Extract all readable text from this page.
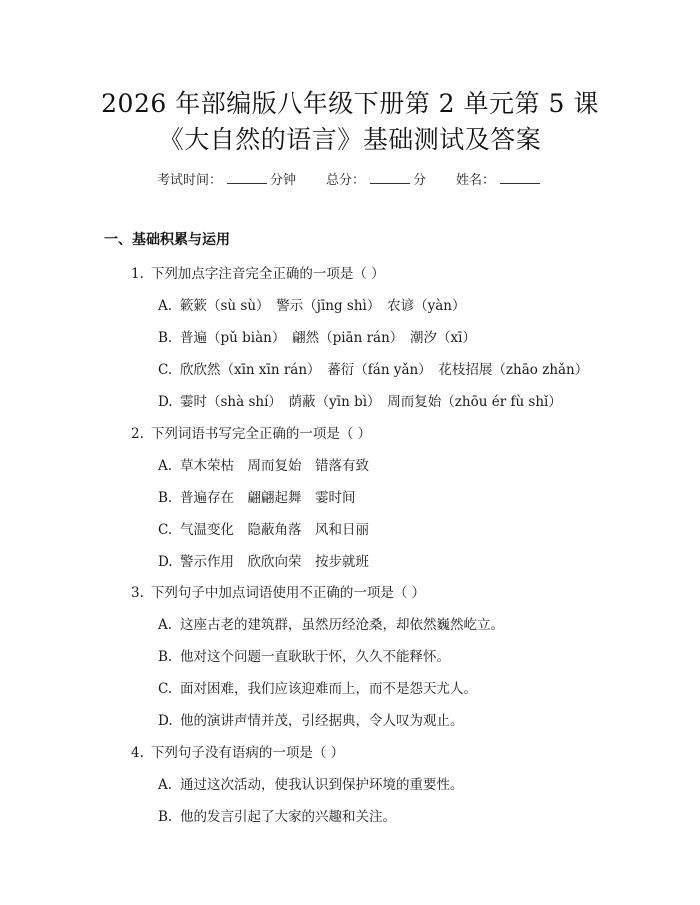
2026 年部编版八年级下册第 2 单元第 5 课
《大自然的语言》基础测试及答案
考试时间：	分钟 总分：	分 姓名：
一、基础积累与运用
1. 下列加点字注音完全正确的一项是（ ）
A. 簌簌（sù sù）　警示（jīng shì）　农谚（yàn）
B. 普遍（pǔ biàn）　翩然（piān rán）　潮汐（xī）
C. 欣欣然（xīn xīn rán）　蕃衍（fán yǎn）　花枝招展（zhāo zhǎn）
D. 霎时（shà shí）　荫蔽（yīn bì）　周而复始（zhōu ér fù shǐ）
2. 下列词语书写完全正确的一项是（ ）
A. 草木荣枯　周而复始　错落有致
B. 普遍存在　翩翩起舞　霎时间
C. 气温变化　隐蔽角落　风和日丽
D. 警示作用　欣欣向荣　按步就班
3. 下列句子中加点词语使用不正确的一项是（ ）
A. 这座古老的建筑群，虽然历经沧桑，却依然巍然屹立。
B. 他对这个问题一直耿耿于怀，久久不能释怀。
C. 面对困难，我们应该迎难而上，而不是怨天尤人。
D. 他的演讲声情并茂，引经据典，令人叹为观止。
4. 下列句子没有语病的一项是（ ）
A. 通过这次活动，使我认识到保护环境的重要性。
B. 他的发言引起了大家的兴趣和关注。
